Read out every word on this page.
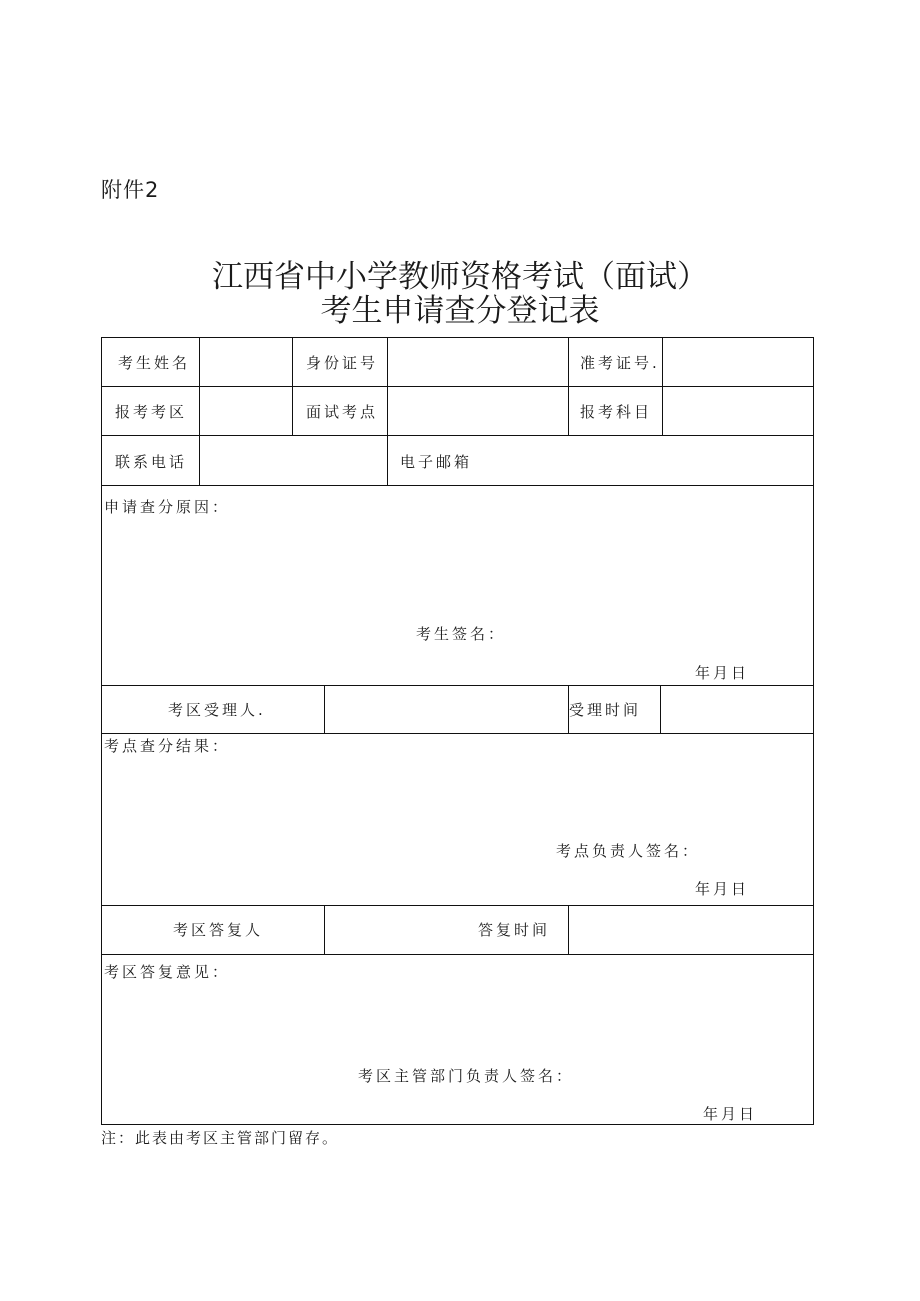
附件2
江西省中小学教师资格考试（面试）
考生申请查分登记表
考生姓名	身份证号	准考证号.
报考考区	面试考点	报考科目
联系电话	电子邮箱
申请查分原因：
考生签名：
年月日
考区受理人.	受理时间
考点查分结果：
考点负责人签名：
年月日
考区答复人	答复时间
考区答复意见：
考区主管部门负责人签名：
年月日
注：此表由考区主管部门留存。
